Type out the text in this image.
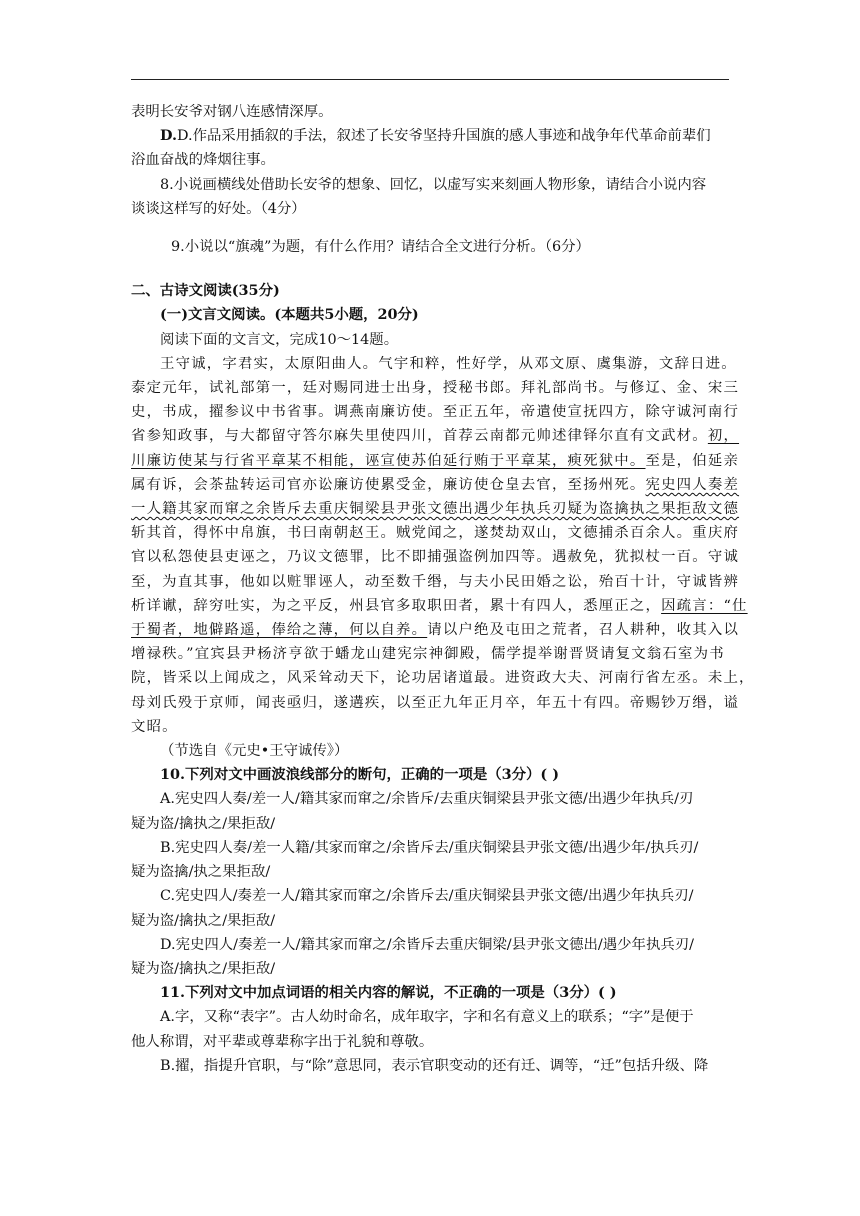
表明长安爷对钢八连感情深厚。
D.D.作品采用插叙的手法，叙述了长安爷坚持升国旗的感人事迹和战争年代革命前辈们
浴血奋战的烽烟往事。
8.小说画横线处借助长安爷的想象、回忆，以虚写实来刻画人物形象，请结合小说内容
谈谈这样写的好处。（4分）
9.小说以“旗魂”为题，有什么作用？请结合全文进行分析。（6分）
二、古诗文阅读(35分)
(一)文言文阅读。(本题共5小题，20分)
阅读下面的文言文，完成10～14题。
王守诚，字君实，太原阳曲人。气宇和粹，性好学，从邓文原、虞集游，文辞日进。
泰定元年，试礼部第一，廷对赐同进士出身，授秘书郎。拜礼部尚书。与修辽、金、宋三
史，书成，擢参议中书省事。调燕南廉访使。至正五年，帝遣使宣抚四方，除守诚河南行
省参知政事，与大都留守答尔麻失里使四川，首荐云南都元帅述律铎尔直有文武材。初，
川廉访使某与行省平章某不相能，诬宣使苏伯延行贿于平章某，瘐死狱中。至是，伯延亲
属有诉，会茶盐转运司官亦讼廉访使累受金，廉访使仓皇去官，至扬州死。宪史四人奏差
一人籍其家而窜之余皆斥去重庆铜梁县尹张文德出遇少年执兵刃疑为盗擒执之果拒敌文德
斩其首，得怀中帛旗，书曰南朝赵王。贼党闻之，遂焚劫双山，文德捕杀百余人。重庆府
官以私怨使县吏诬之，乃议文德罪，比不即捕强盗例加四等。遇赦免，犹拟杖一百。守诚
至，为直其事，他如以赃罪诬人，动至数千缗，与夫小民田婚之讼，殆百十计，守诚皆辨
析详谳，辞穷吐实，为之平反，州县官多取职田者，累十有四人，悉厘正之，因疏言：“仕
于蜀者，地僻路遥，俸给之薄，何以自养。请以户绝及屯田之荒者，召人耕种，收其入以
增禄秩。”宜宾县尹杨济亨欲于蟠龙山建宪宗神御殿，儒学提举谢晋贤请复文翁石室为书
院，皆采以上闻成之，风采耸动天下，论功居诸道最。进资政大夫、河南行省左丞。未上，
母刘氏殁于京师，闻丧亟归，遂遘疾，以至正九年正月卒，年五十有四。帝赐钞万缗，谥
文昭。
（节选自《元史•王守诚传》）
10.下列对文中画波浪线部分的断句，正确的一项是（3分）( )
A.宪史四人奏/差一人/籍其家而窜之/余皆斥/去重庆铜梁县尹张文德/出遇少年执兵/刃
疑为盗/擒执之/果拒敌/
B.宪史四人奏/差一人籍/其家而窜之/余皆斥去/重庆铜梁县尹张文德/出遇少年/执兵刃/
疑为盗擒/执之果拒敌/
C.宪史四人/奏差一人/籍其家而窜之/余皆斥去/重庆铜梁县尹张文德/出遇少年执兵刃/
疑为盗/擒执之/果拒敌/
D.宪史四人/奏差一人/籍其家而窜之/余皆斥去重庆铜梁/县尹张文德出/遇少年执兵刃/
疑为盗/擒执之/果拒敌/
11.下列对文中加点词语的相关内容的解说，不正确的一项是（3分）( )
A.字，又称“表字”。古人幼时命名，成年取字，字和名有意义上的联系；“字”是便于
他人称谓，对平辈或尊辈称字出于礼貌和尊敬。
B.擢，指提升官职，与“除”意思同，表示官职变动的还有迁、调等，“迁”包括升级、降
